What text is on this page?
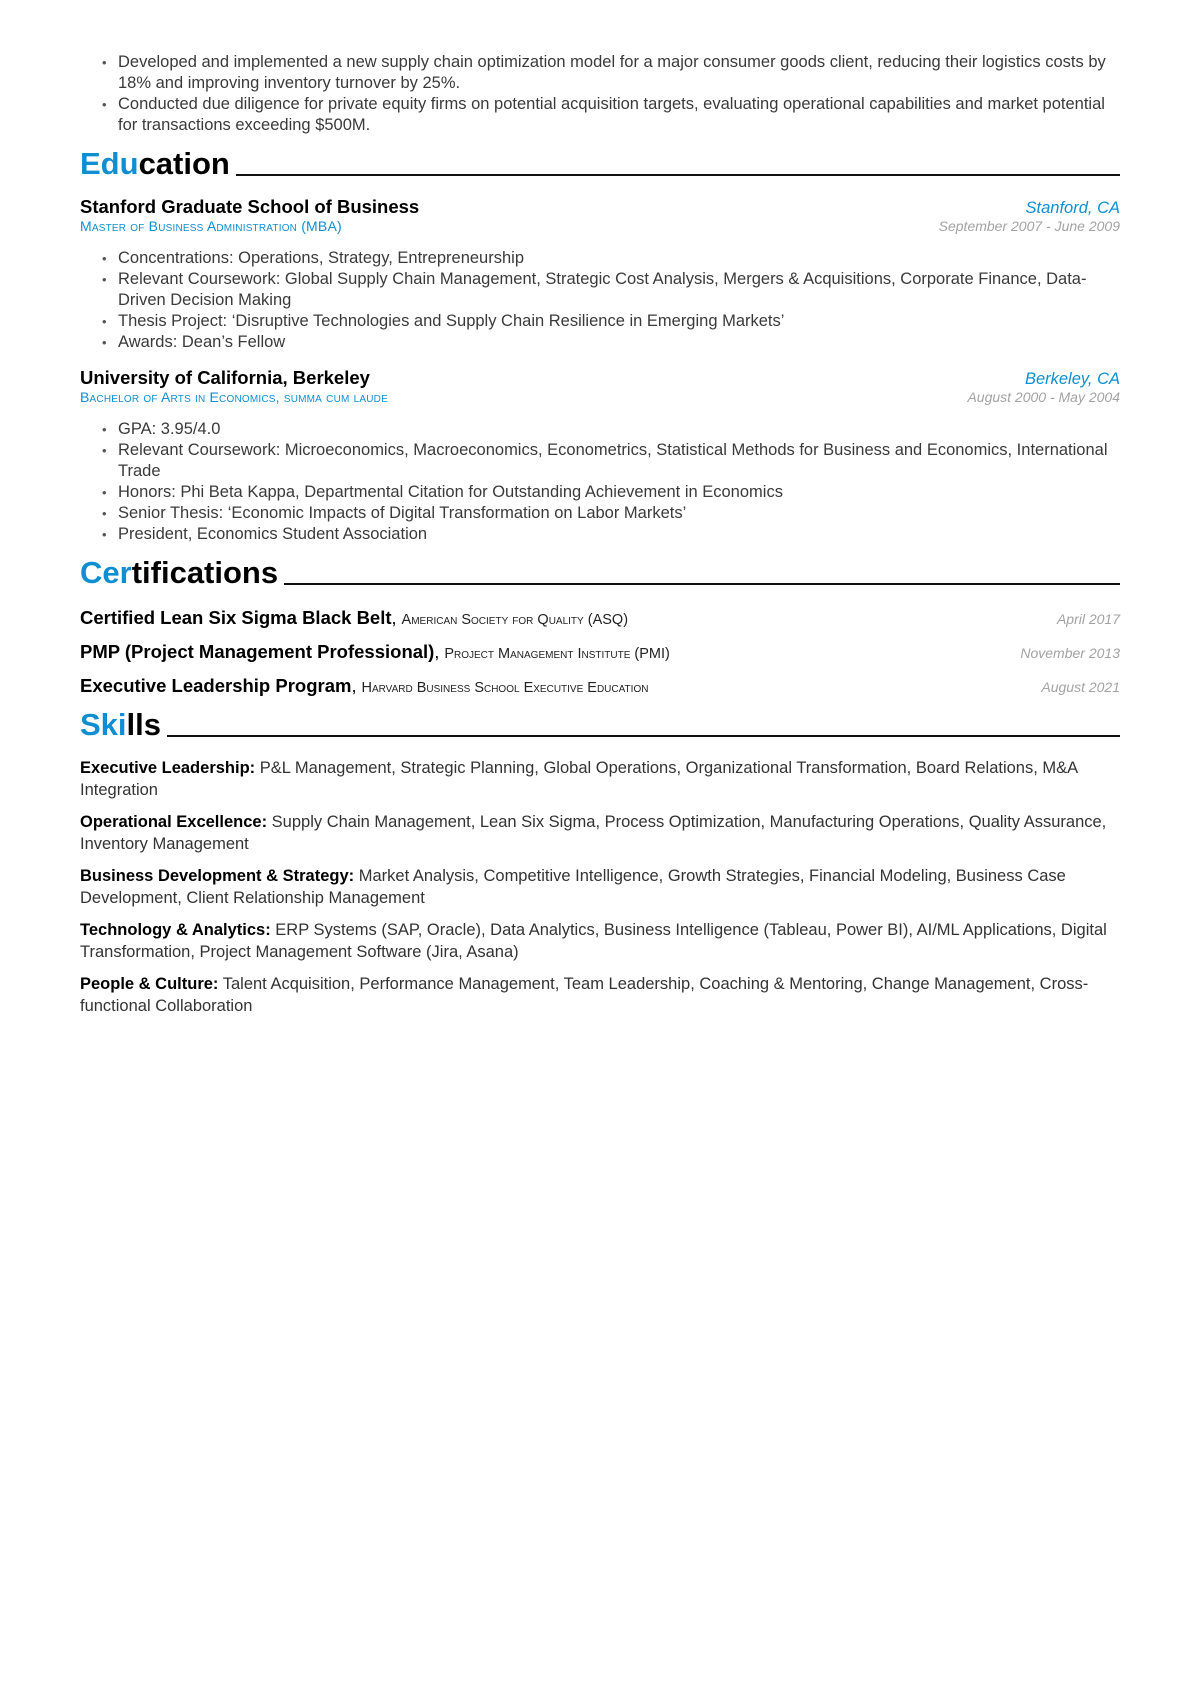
• Developed and implemented a new supply chain optimization model for a major consumer goods client, reducing their logistics costs by 18% and improving inventory turnover by 25%.
• Conducted due diligence for private equity firms on potential acquisition targets, evaluating operational capabilities and market potential for transactions exceeding $500M.
Education
Stanford Graduate School of Business	Stanford, CA
Master of Business Administration (MBA)	September 2007 - June 2009
• Concentrations: Operations, Strategy, Entrepreneurship
• Relevant Coursework: Global Supply Chain Management, Strategic Cost Analysis, Mergers & Acquisitions, Corporate Finance, Data-Driven Decision Making
• Thesis Project: ‘Disruptive Technologies and Supply Chain Resilience in Emerging Markets’
• Awards: Dean’s Fellow
University of California, Berkeley	Berkeley, CA
Bachelor of Arts in Economics, summa cum laude	August 2000 - May 2004
• GPA: 3.95/4.0
• Relevant Coursework: Microeconomics, Macroeconomics, Econometrics, Statistical Methods for Business and Economics, International Trade
• Honors: Phi Beta Kappa, Departmental Citation for Outstanding Achievement in Economics
• Senior Thesis: ‘Economic Impacts of Digital Transformation on Labor Markets’
• President, Economics Student Association
Certifications
Certified Lean Six Sigma Black Belt, American Society for Quality (ASQ)	April 2017
PMP (Project Management Professional), Project Management Institute (PMI)	November 2013
Executive Leadership Program, Harvard Business School Executive Education	August 2021
Skills
Executive Leadership: P&L Management, Strategic Planning, Global Operations, Organizational Transformation, Board Relations, M&A Integration
Operational Excellence: Supply Chain Management, Lean Six Sigma, Process Optimization, Manufacturing Operations, Quality Assurance, Inventory Management
Business Development & Strategy: Market Analysis, Competitive Intelligence, Growth Strategies, Financial Modeling, Business Case Development, Client Relationship Management
Technology & Analytics: ERP Systems (SAP, Oracle), Data Analytics, Business Intelligence (Tableau, Power BI), AI/ML Applications, Digital Transformation, Project Management Software (Jira, Asana)
People & Culture: Talent Acquisition, Performance Management, Team Leadership, Coaching & Mentoring, Change Management, Cross-functional Collaboration
